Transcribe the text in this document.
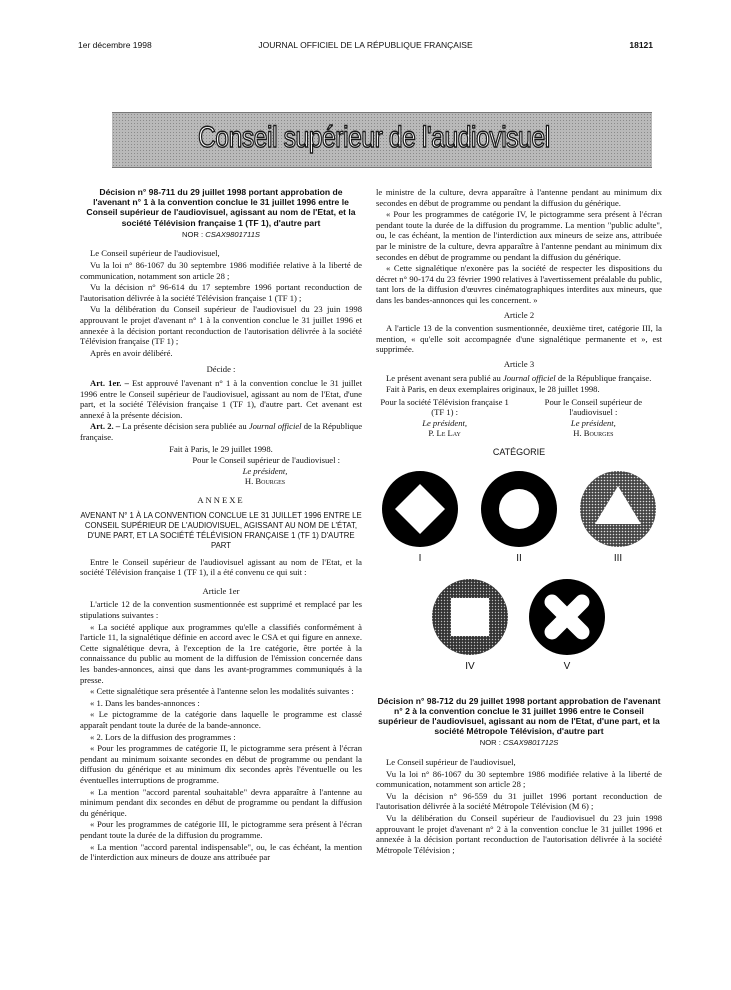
1er décembre 1998	JOURNAL OFFICIEL DE LA RÉPUBLIQUE FRANÇAISE	18121
Conseil supérieur de l'audiovisuel

Décision n° 98-711 du 29 juillet 1998 portant approbation de l'avenant n° 1 à la convention conclue le 31 juillet 1996 entre le Conseil supérieur de l'audiovisuel, agissant au nom de l'Etat, et la société Télévision française 1 (TF 1), d'autre part

NOR : CSAX9801711S

Le Conseil supérieur de l'audiovisuel,

Vu la loi n° 86-1067 du 30 septembre 1986 modifiée relative à la liberté de communication, notamment son article 28 ;

Vu la décision n° 96-614 du 17 septembre 1996 portant reconduction de l'autorisation délivrée à la société Télévision française 1 (TF 1) ;

Vu la délibération du Conseil supérieur de l'audiovisuel du 23 juin 1998 approuvant le projet d'avenant n° 1 à la convention conclue le 31 juillet 1996 et annexée à la décision portant reconduction de l'autorisation délivrée à la société Télévision française (TF 1) ;

Après en avoir délibéré.

Décide :

Art. 1er. – Est approuvé l'avenant n° 1 à la convention conclue le 31 juillet 1996 entre le Conseil supérieur de l'audiovisuel, agissant au nom de l'Etat, d'une part, et la société Télévision française 1 (TF 1), d'autre part. Cet avenant est annexé à la présente décision.

Art. 2. – La présente décision sera publiée au Journal officiel de la République française.

Fait à Paris, le 29 juillet 1998.

Pour le Conseil supérieur de l'audiovisuel :
Le président,
H. Bourges

ANNEXE

AVENANT N° 1 À LA CONVENTION CONCLUE LE 31 JUILLET 1996 ENTRE LE CONSEIL SUPÉRIEUR DE L'AUDIOVISUEL, AGISSANT AU NOM DE L'ÉTAT, D'UNE PART, ET LA SOCIÉTÉ TÉLÉVISION FRANÇAISE 1 (TF 1) D'AUTRE PART

Entre le Conseil supérieur de l'audiovisuel agissant au nom de l'Etat, et la société Télévision française 1 (TF 1), il a été convenu ce qui suit :

Article 1er

L'article 12 de la convention susmentionnée est supprimé et remplacé par les stipulations suivantes :

« La société applique aux programmes qu'elle a classifiés conformément à l'article 11, la signalétique définie en accord avec le CSA et qui figure en annexe. Cette signalétique devra, à l'exception de la 1re catégorie, être portée à la connaissance du public au moment de la diffusion de l'émission concernée dans les bandes-annonces, ainsi que dans les avant-programmes communiqués à la presse.

« Cette signalétique sera présentée à l'antenne selon les modalités suivantes :

« 1. Dans les bandes-annonces :

« Le pictogramme de la catégorie dans laquelle le programme est classé apparaît pendant toute la durée de la bande-annonce.

« 2. Lors de la diffusion des programmes :

« Pour les programmes de catégorie II, le pictogramme sera présent à l'écran pendant au minimum soixante secondes en début de programme ou pendant la diffusion du générique et au minimum dix secondes après l'éventuelle ou les éventuelles interruptions de programme.

« La mention "accord parental souhaitable" devra apparaître à l'antenne au minimum pendant dix secondes en début de programme ou pendant la diffusion du générique.

« Pour les programmes de catégorie III, le pictogramme sera présent à l'écran pendant toute la durée de la diffusion du programme.

« La mention "accord parental indispensable", ou, le cas échéant, la mention de l'interdiction aux mineurs de douze ans attribuée par

le ministre de la culture, devra apparaître à l'antenne pendant au minimum dix secondes en début de programme ou pendant la diffusion du générique.

« Pour les programmes de catégorie IV, le pictogramme sera présent à l'écran pendant toute la durée de la diffusion du programme. La mention "public adulte", ou, le cas échéant, la mention de l'interdiction aux mineurs de seize ans, attribuée par le ministre de la culture, devra apparaître à l'antenne pendant au minimum dix secondes en début de programme ou pendant la diffusion du générique.

« Cette signalétique n'exonère pas la société de respecter les dispositions du décret n° 90-174 du 23 février 1990 relatives à l'avertissement préalable du public, tant lors de la diffusion d'œuvres cinématographiques interdites aux mineurs, que dans les bandes-annonces qui les concernent. »

Article 2

A l'article 13 de la convention susmentionnée, deuxième tiret, catégorie III, la mention, « qu'elle soit accompagnée d'une signalétique permanente et », est supprimée.

Article 3

Le présent avenant sera publié au Journal officiel de la République française.

Fait à Paris, en deux exemplaires originaux, le 28 juillet 1998.

Pour la société Télévision française 1 (TF 1) :
Le président,
P. Le Lay
Pour le Conseil supérieur de l'audiovisuel :
Le président,
H. Bourges

CATÉGORIE

I	II	III
IV	V

Décision n° 98-712 du 29 juillet 1998 portant approbation de l'avenant n° 2 à la convention conclue le 31 juillet 1996 entre le Conseil supérieur de l'audiovisuel, agissant au nom de l'Etat, d'une part, et la société Métropole Télévision, d'autre part

NOR : CSAX9801712S

Le Conseil supérieur de l'audiovisuel,

Vu la loi n° 86-1067 du 30 septembre 1986 modifiée relative à la liberté de communication, notamment son article 28 ;

Vu la décision n° 96-559 du 31 juillet 1996 portant reconduction de l'autorisation délivrée à la société Métropole Télévision (M 6) ;

Vu la délibération du Conseil supérieur de l'audiovisuel du 23 juin 1998 approuvant le projet d'avenant n° 2 à la convention conclue le 31 juillet 1996 et annexée à la décision portant reconduction de l'autorisation délivrée à la société Métropole Télévision ;
